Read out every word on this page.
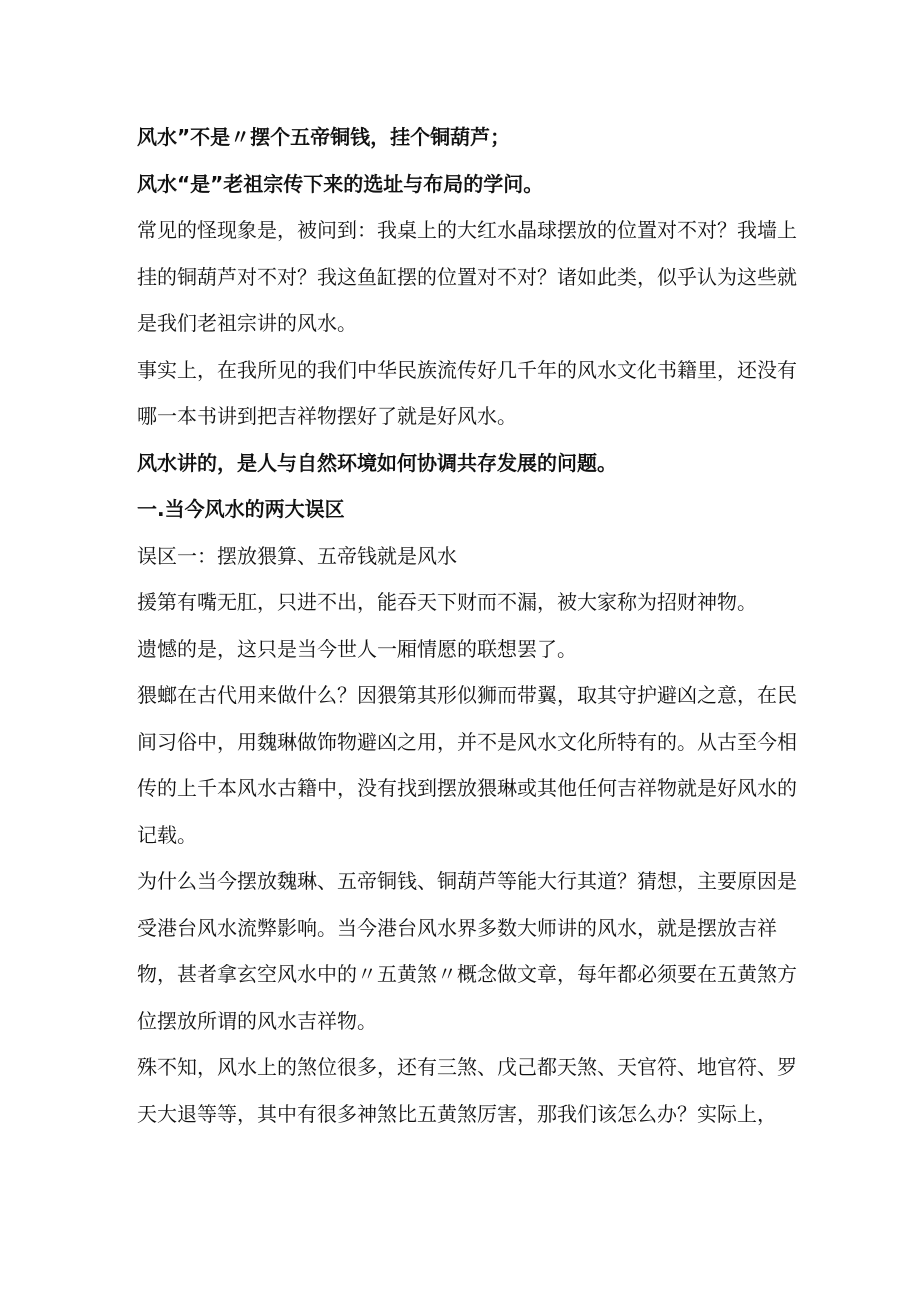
风水”不是〃摆个五帝铜钱，挂个铜葫芦；

风水“是”老祖宗传下来的选址与布局的学问。

常见的怪现象是，被问到：我桌上的大红水晶球摆放的位置对不对？我墙上挂的铜葫芦对不对？我这鱼缸摆的位置对不对？诸如此类，似乎认为这些就是我们老祖宗讲的风水。

事实上，在我所见的我们中华民族流传好几千年的风水文化书籍里，还没有哪一本书讲到把吉祥物摆好了就是好风水。

风水讲的，是人与自然环境如何协调共存发展的问题。

一.当今风水的两大误区

误区一：摆放猥算、五帝钱就是风水

援第有嘴无肛，只进不出，能吞天下财而不漏，被大家称为招财神物。

遗憾的是，这只是当今世人一厢情愿的联想罢了。

猥螂在古代用来做什么？因猥第其形似狮而带翼，取其守护避凶之意，在民间习俗中，用魏琳做饰物避凶之用，并不是风水文化所特有的。从古至今相传的上千本风水古籍中，没有找到摆放猥琳或其他任何吉祥物就是好风水的记载。

为什么当今摆放魏琳、五帝铜钱、铜葫芦等能大行其道？猜想，主要原因是受港台风水流弊影响。当今港台风水界多数大师讲的风水，就是摆放吉祥物，甚者拿玄空风水中的〃五黄煞〃概念做文章，每年都必须要在五黄煞方位摆放所谓的风水吉祥物。

殊不知，风水上的煞位很多，还有三煞、戊己都天煞、天官符、地官符、罗天大退等等，其中有很多神煞比五黄煞厉害，那我们该怎么办？实际上，
